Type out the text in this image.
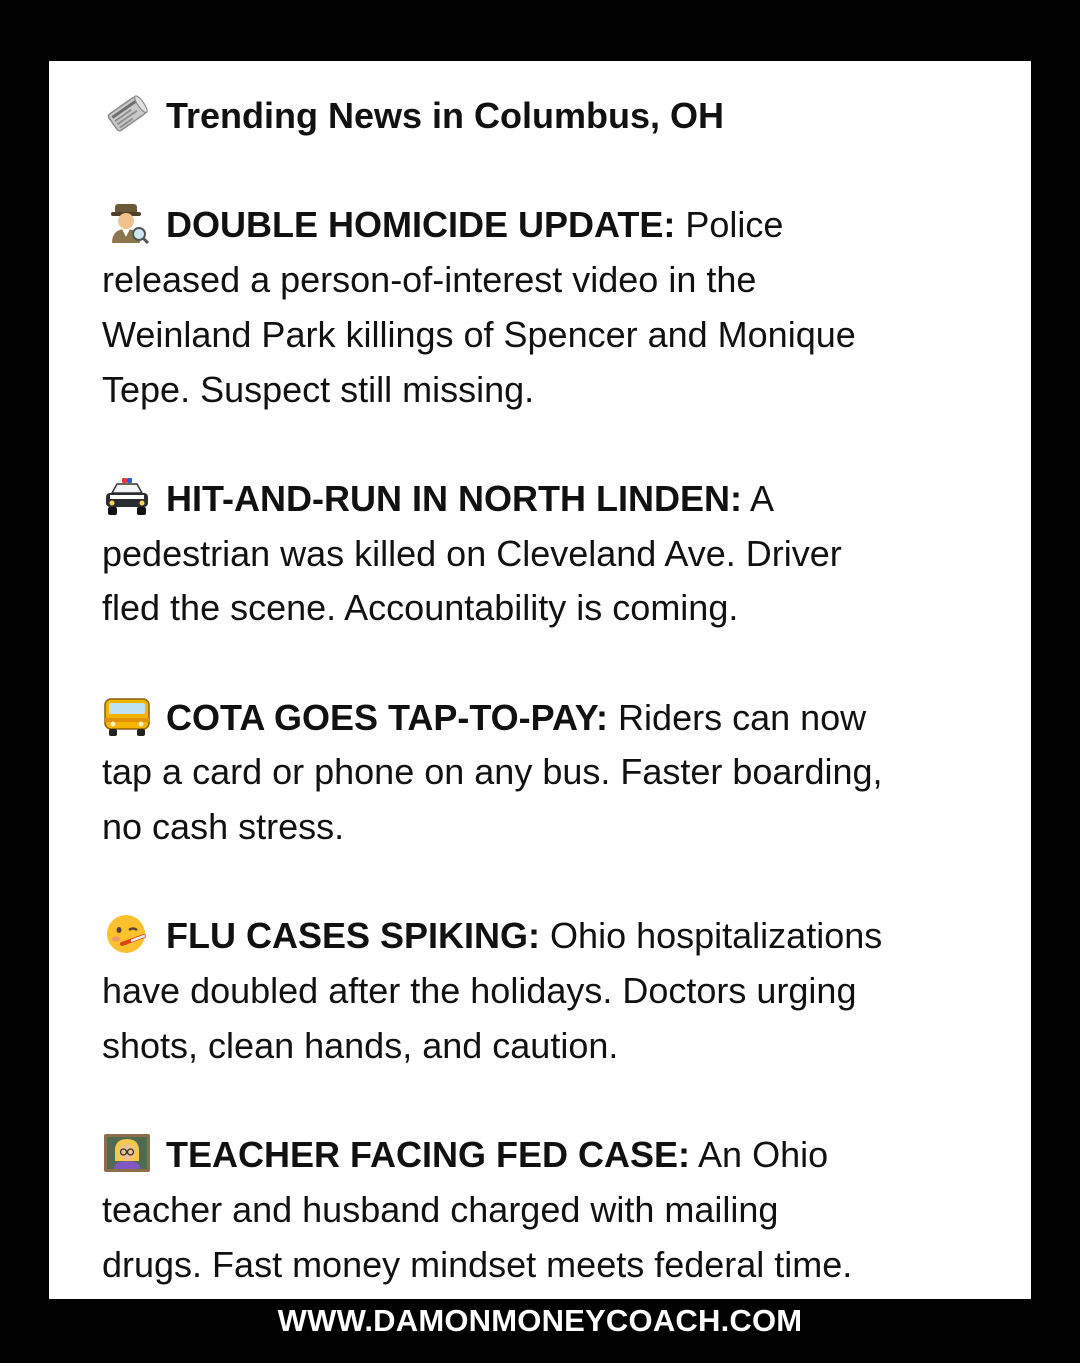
Trending News in Columbus, OH

DOUBLE HOMICIDE UPDATE: Police

released a person-of-interest video in the

Weinland Park killings of Spencer and Monique

Tepe. Suspect still missing.

HIT-AND-RUN IN NORTH LINDEN: A

pedestrian was killed on Cleveland Ave. Driver

fled the scene. Accountability is coming.

COTA GOES TAP-TO-PAY: Riders can now

tap a card or phone on any bus. Faster boarding,

no cash stress.

FLU CASES SPIKING: Ohio hospitalizations

have doubled after the holidays. Doctors urging

shots, clean hands, and caution.

TEACHER FACING FED CASE: An Ohio

teacher and husband charged with mailing

drugs. Fast money mindset meets federal time.

WWW.DAMONMONEYCOACH.COM
